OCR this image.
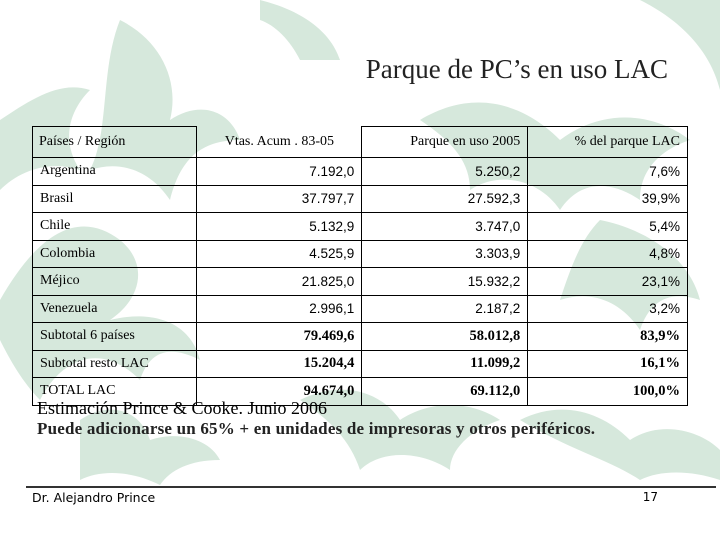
Parque de PC’s en uso LAC
Países / Región	Vtas. Acum . 83-05	Parque en uso 2005	% del parque LAC
Argentina	7.192,0	5.250,2	7,6%
Brasil	37.797,7	27.592,3	39,9%
Chile	5.132,9	3.747,0	5,4%
Colombia	4.525,9	3.303,9	4,8%
Méjico	21.825,0	15.932,2	23,1%
Venezuela	2.996,1	2.187,2	3,2%
Subtotal 6 países	79.469,6	58.012,8	83,9%
Subtotal resto LAC	15.204,4	11.099,2	16,1%
TOTAL LAC	94.674,0	69.112,0	100,0%
Estimación Prince & Cooke. Junio 2006
Puede adicionarse un 65% + en unidades de impresoras y otros periféricos.
Dr. Alejandro Prince	17
